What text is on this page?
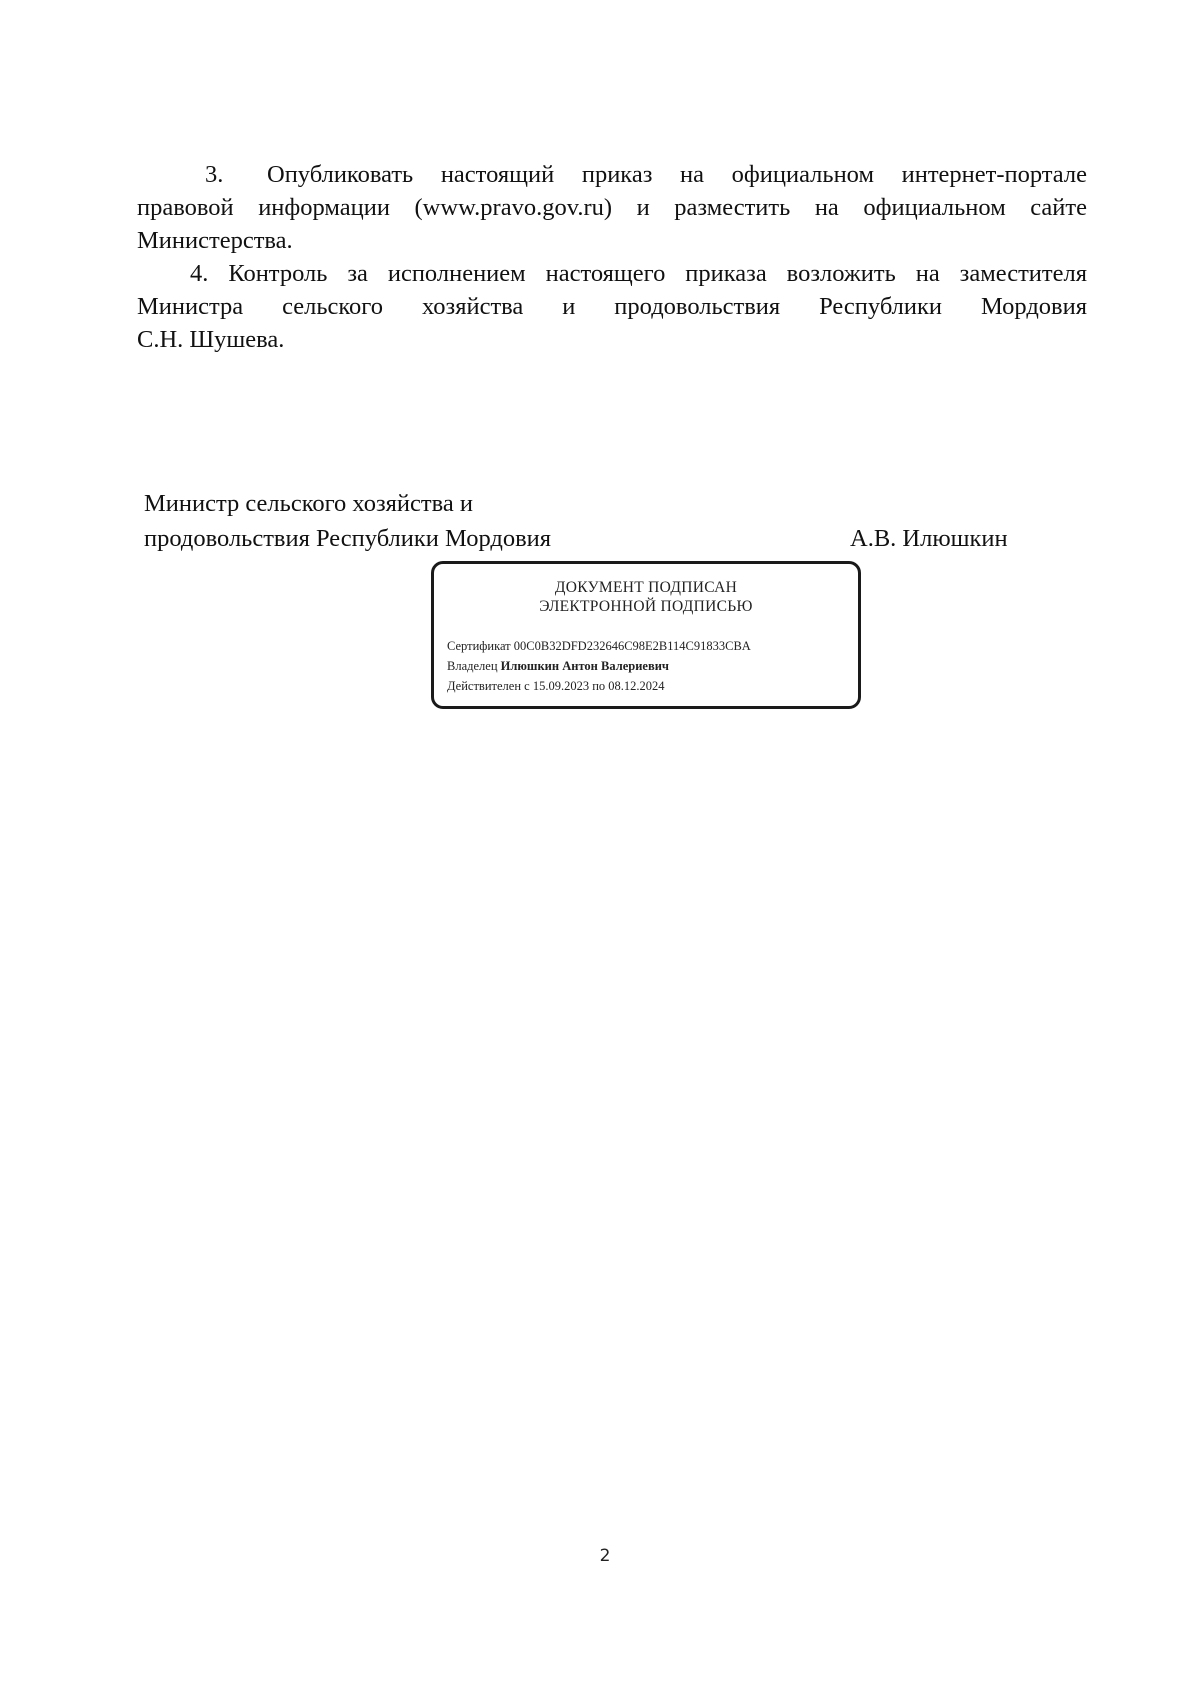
3. Опубликовать настоящий приказ на официальном интернет-портале
правовой информации (www.pravo.gov.ru) и разместить на официальном сайте
Министерства.

4. Контроль за исполнением настоящего приказа возложить на заместителя
Министра сельского хозяйства и продовольствия Республики Мордовия
С.Н. Шушева.

Министр сельского хозяйства и
продовольствия Республики Мордовия	А.В. Илюшкин
ДОКУМЕНТ ПОДПИСАН
ЭЛЕКТРОННОЙ ПОДПИСЬЮ
Сертификат 00C0B32DFD232646C98E2B114C91833CBA
Владелец Илюшкин Антон Валериевич
Действителен с 15.09.2023 по 08.12.2024
2
